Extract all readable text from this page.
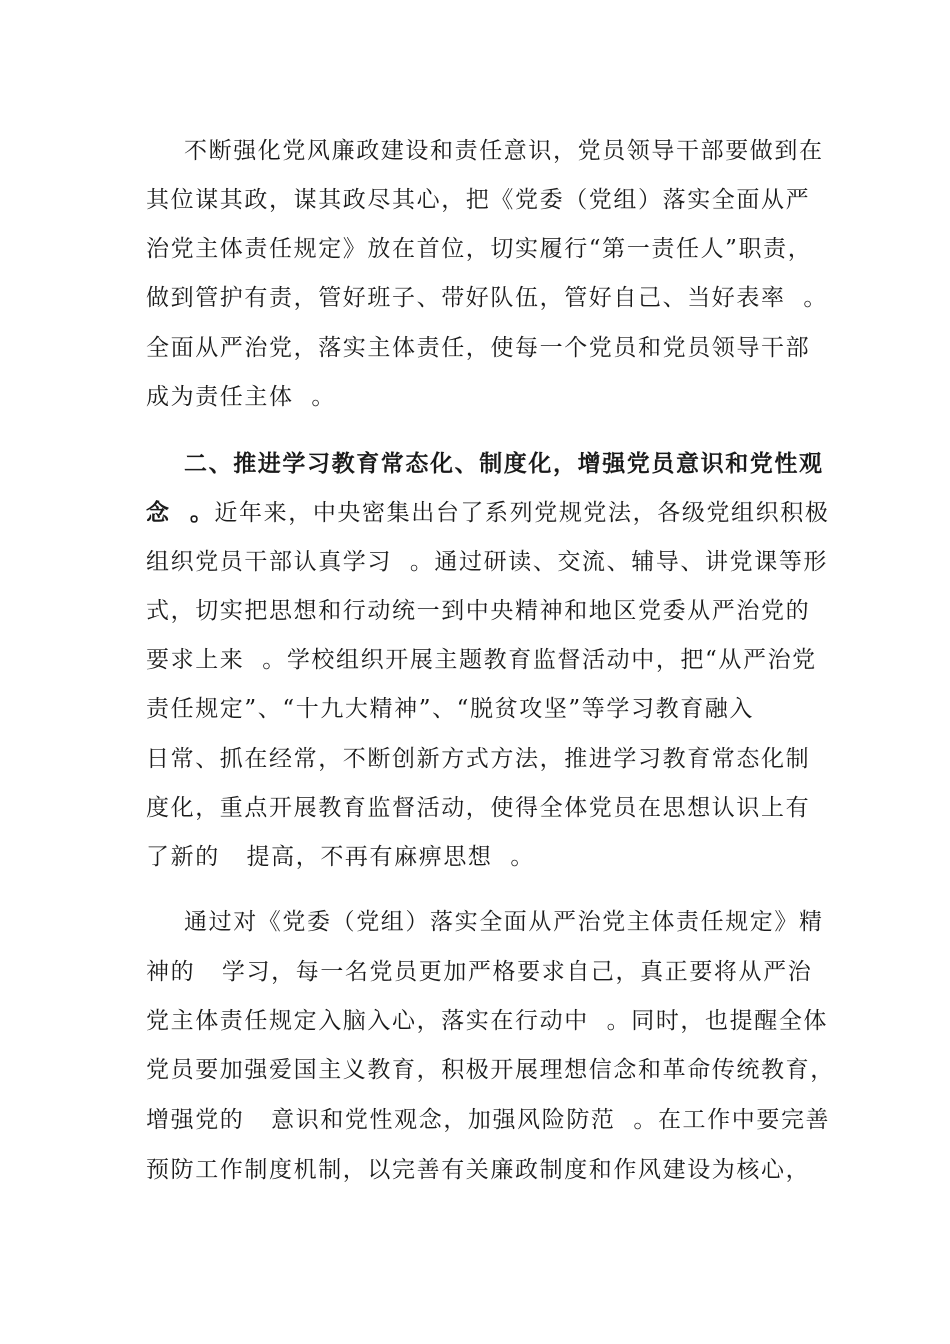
不断强化党风廉政建设和责任意识，党员领导干部要做到在
其位谋其政，谋其政尽其心，把《党委（党组）落实全面从严
治党主体责任规定》放在首位，切实履行“第一责任人”职责，
做到管护有责，管好班子、带好队伍，管好自己、当好表率  。
全面从严治党，落实主体责任，使每一个党员和党员领导干部
成为责任主体  。
二、推进学习教育常态化、制度化，增强党员意识和党性观
念  。近年来，中央密集出台了系列党规党法，各级党组织积极
组织党员干部认真学习  。通过研读、交流、辅导、讲党课等形
式，切实把思想和行动统一到中央精神和地区党委从严治党的
要求上来  。学校组织开展主题教育监督活动中，把“从严治党
责任规定”、“十九大精神”、“脱贫攻坚”等学习教育融入
日常、抓在经常，不断创新方式方法，推进学习教育常态化制
度化，重点开展教育监督活动，使得全体党员在思想认识上有
了新的   提高，不再有麻痹思想  。
通过对《党委（党组）落实全面从严治党主体责任规定》精
神的   学习，每一名党员更加严格要求自己，真正要将从严治
党主体责任规定入脑入心，落实在行动中  。同时，也提醒全体
党员要加强爱国主义教育，积极开展理想信念和革命传统教育，
增强党的   意识和党性观念，加强风险防范  。在工作中要完善
预防工作制度机制，以完善有关廉政制度和作风建设为核心，
